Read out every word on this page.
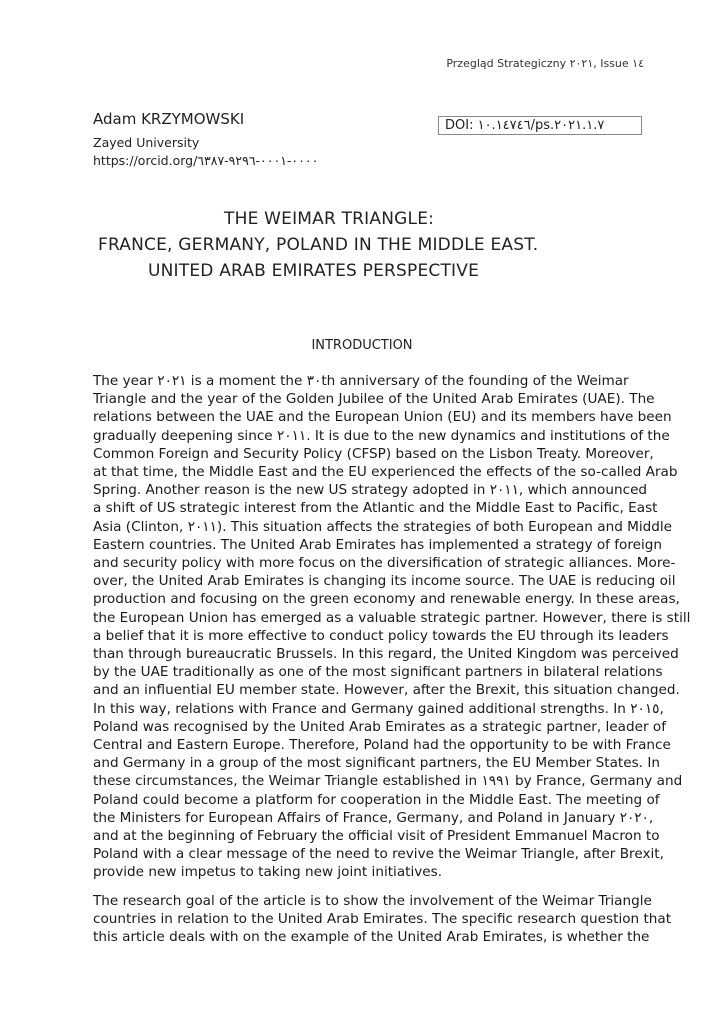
Przegląd Strategiczny ٢٠٢١, Issue ١٤
Adam KRZYMOWSKI
Zayed University
https://orcid.org/٠٠٠٠-٠٠٠١-٩٢٩٦-٦٣٨٧
DOI: ١٠.١٤٧٤٦/ps.٢٠٢١.١.٧
THE WEIMAR TRIANGLE:
FRANCE, GERMANY, POLAND IN THE MIDDLE EAST.
UNITED ARAB EMIRATES PERSPECTIVE
INTRODUCTION
The year ٢٠٢١ is a moment the ٣٠th anniversary of the founding of the Weimar
Triangle and the year of the Golden Jubilee of the United Arab Emirates (UAE). The
relations between the UAE and the European Union (EU) and its members have been
gradually deepening since ٢٠١١. It is due to the new dynamics and institutions of the
Common Foreign and Security Policy (CFSP) based on the Lisbon Treaty. Moreover,
at that time, the Middle East and the EU experienced the effects of the so-called Arab
Spring. Another reason is the new US strategy adopted in ٢٠١١, which announced
a shift of US strategic interest from the Atlantic and the Middle East to Pacific, East
Asia (Clinton, ٢٠١١). This situation affects the strategies of both European and Middle
Eastern countries. The United Arab Emirates has implemented a strategy of foreign
and security policy with more focus on the diversification of strategic alliances. More-
over, the United Arab Emirates is changing its income source. The UAE is reducing oil
production and focusing on the green economy and renewable energy. In these areas,
the European Union has emerged as a valuable strategic partner. However, there is still
a belief that it is more effective to conduct policy towards the EU through its leaders
than through bureaucratic Brussels. In this regard, the United Kingdom was perceived
by the UAE traditionally as one of the most significant partners in bilateral relations
and an influential EU member state. However, after the Brexit, this situation changed.
In this way, relations with France and Germany gained additional strengths. In ٢٠١٥,
Poland was recognised by the United Arab Emirates as a strategic partner, leader of
Central and Eastern Europe. Therefore, Poland had the opportunity to be with France
and Germany in a group of the most significant partners, the EU Member States. In
these circumstances, the Weimar Triangle established in ١٩٩١ by France, Germany and
Poland could become a platform for cooperation in the Middle East. The meeting of
the Ministers for European Affairs of France, Germany, and Poland in January ٢٠٢٠,
and at the beginning of February the official visit of President Emmanuel Macron to
Poland with a clear message of the need to revive the Weimar Triangle, after Brexit,
provide new impetus to taking new joint initiatives.
The research goal of the article is to show the involvement of the Weimar Triangle
countries in relation to the United Arab Emirates. The specific research question that
this article deals with on the example of the United Arab Emirates, is whether the
